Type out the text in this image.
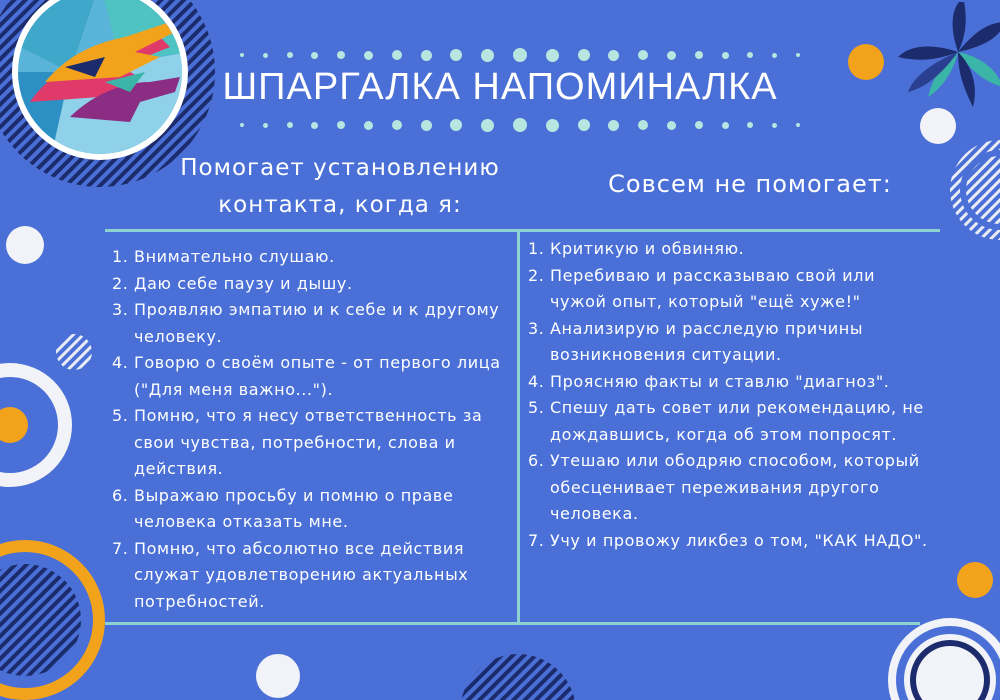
ШПАРГАЛКА НАПОМИНАЛКА
Помогает установлению
контакта, когда я:
Совсем не помогает:
1. Внимательно слушаю.
2. Даю себе паузу и дышу.
3. Проявляю эмпатию и к себе и к другому человеку.
4. Говорю о своём опыте - от первого лица ("Для меня важно...").
5. Помню, что я несу ответственность за свои чувства, потребности, слова и действия.
6. Выражаю просьбу и помню о праве человека отказать мне.
7. Помню, что абсолютно все действия служат удовлетворению актуальных потребностей.
1. Критикую и обвиняю.
2. Перебиваю и рассказываю свой или чужой опыт, который "ещё хуже!"
3. Анализирую и расследую причины возникновения ситуации.
4. Проясняю факты и ставлю "диагноз".
5. Спешу дать совет или рекомендацию, не дождавшись, когда об этом попросят.
6. Утешаю или ободряю способом, который обесценивает переживания другого человека.
7. Учу и провожу ликбез о том, "КАК НАДО".
